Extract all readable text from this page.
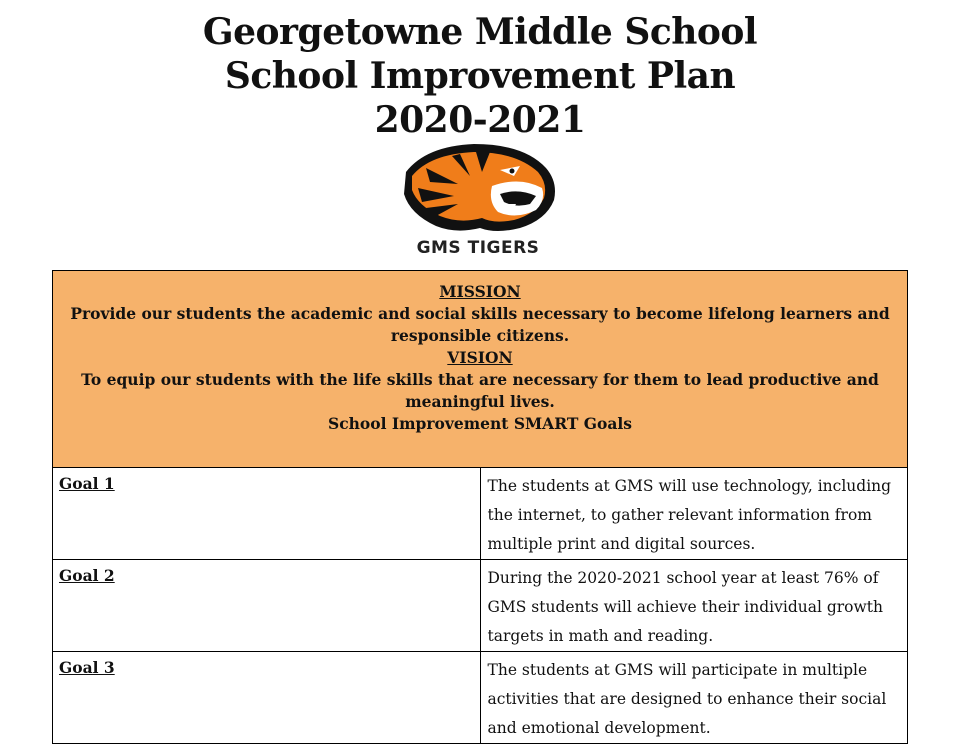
Georgetowne Middle School
School Improvement Plan
2020-2021
GMS TIGERS
MISSION
Provide our students the academic and social skills necessary to become lifelong learners and responsible citizens.
VISION
To equip our students with the life skills that are necessary for them to lead productive and meaningful lives.
School Improvement SMART Goals	

Goal 1	The students at GMS will use technology, including the internet, to gather relevant information from multiple print and digital sources.
Goal 2	During the 2020-2021 school year at least 76% of GMS students will achieve their individual growth targets in math and reading.
Goal 3	The students at GMS will participate in multiple activities that are designed to enhance their social and emotional development.
